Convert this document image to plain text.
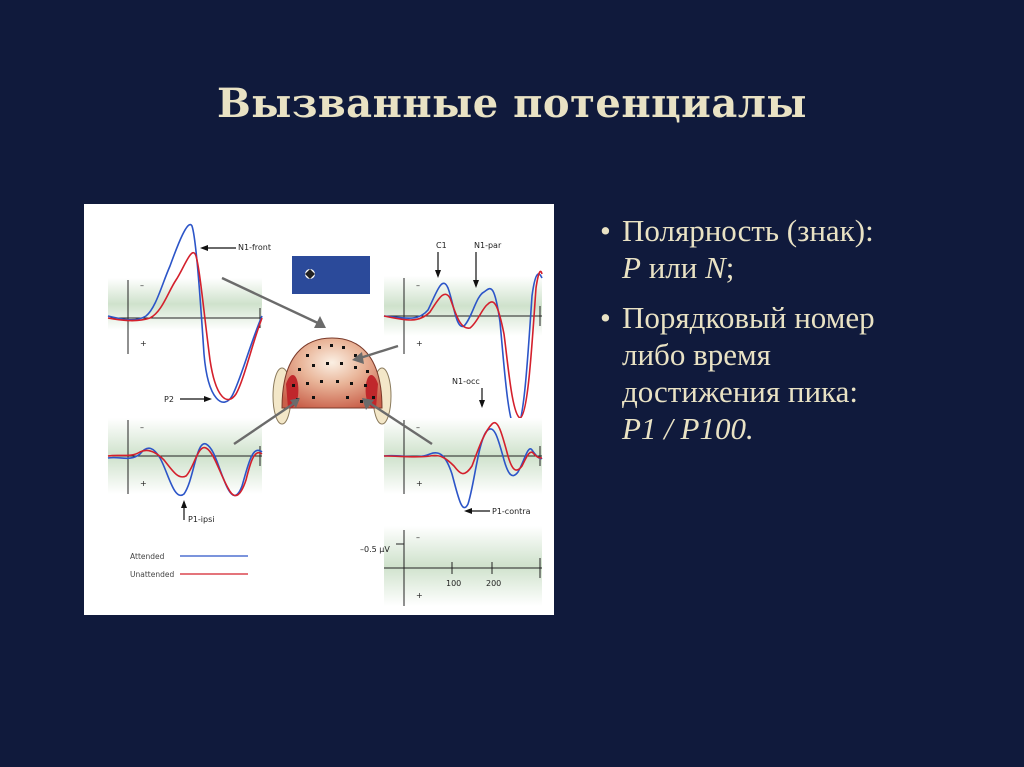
Вызванные потенциалы
–
+
–
+
–
+
C1	N1-par
–
+
N1-occ
P1-contra
–0.5 μV
–
+
100	200
N1-front
P2
P1-ipsi
Attended
Unattended
• Полярность (знак):
P или N;
• Порядковый номер
либо время
достижения пика:
P1 / P100.
